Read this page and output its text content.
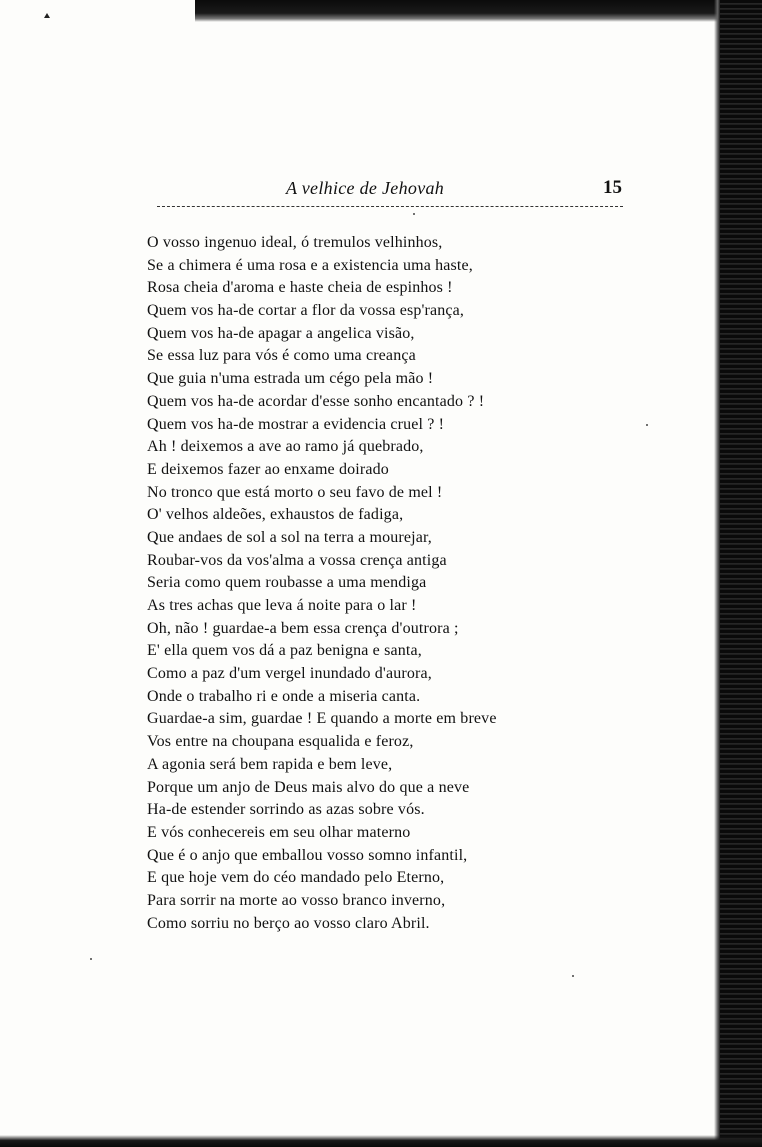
A velhice de Jehovah	15
O vosso ingenuo ideal, ó tremulos velhinhos,
Se a chimera é uma rosa e a existencia uma haste,
Rosa cheia d'aroma e haste cheia de espinhos !
Quem vos ha-de cortar a flor da vossa esp'rança,
Quem vos ha-de apagar a angelica visão,
Se essa luz para vós é como uma creança
Que guia n'uma estrada um cégo pela mão !
Quem vos ha-de acordar d'esse sonho encantado ? !
Quem vos ha-de mostrar a evidencia cruel ? !
Ah ! deixemos a ave ao ramo já quebrado,
E deixemos fazer ao enxame doirado
No tronco que está morto o seu favo de mel !
O' velhos aldeões, exhaustos de fadiga,
Que andaes de sol a sol na terra a mourejar,
Roubar-vos da vos'alma a vossa crença antiga
Seria como quem roubasse a uma mendiga
As tres achas que leva á noite para o lar !
Oh, não ! guardae-a bem essa crença d'outrora ;
E' ella quem vos dá a paz benigna e santa,
Como a paz d'um vergel inundado d'aurora,
Onde o trabalho ri e onde a miseria canta.
Guardae-a sim, guardae ! E quando a morte em breve
Vos entre na choupana esqualida e feroz,
A agonia será bem rapida e bem leve,
Porque um anjo de Deus mais alvo do que a neve
Ha-de estender sorrindo as azas sobre vós.
E vós conhecereis em seu olhar materno
Que é o anjo que emballou vosso somno infantil,
E que hoje vem do céo mandado pelo Eterno,
Para sorrir na morte ao vosso branco inverno,
Como sorriu no berço ao vosso claro Abril.
